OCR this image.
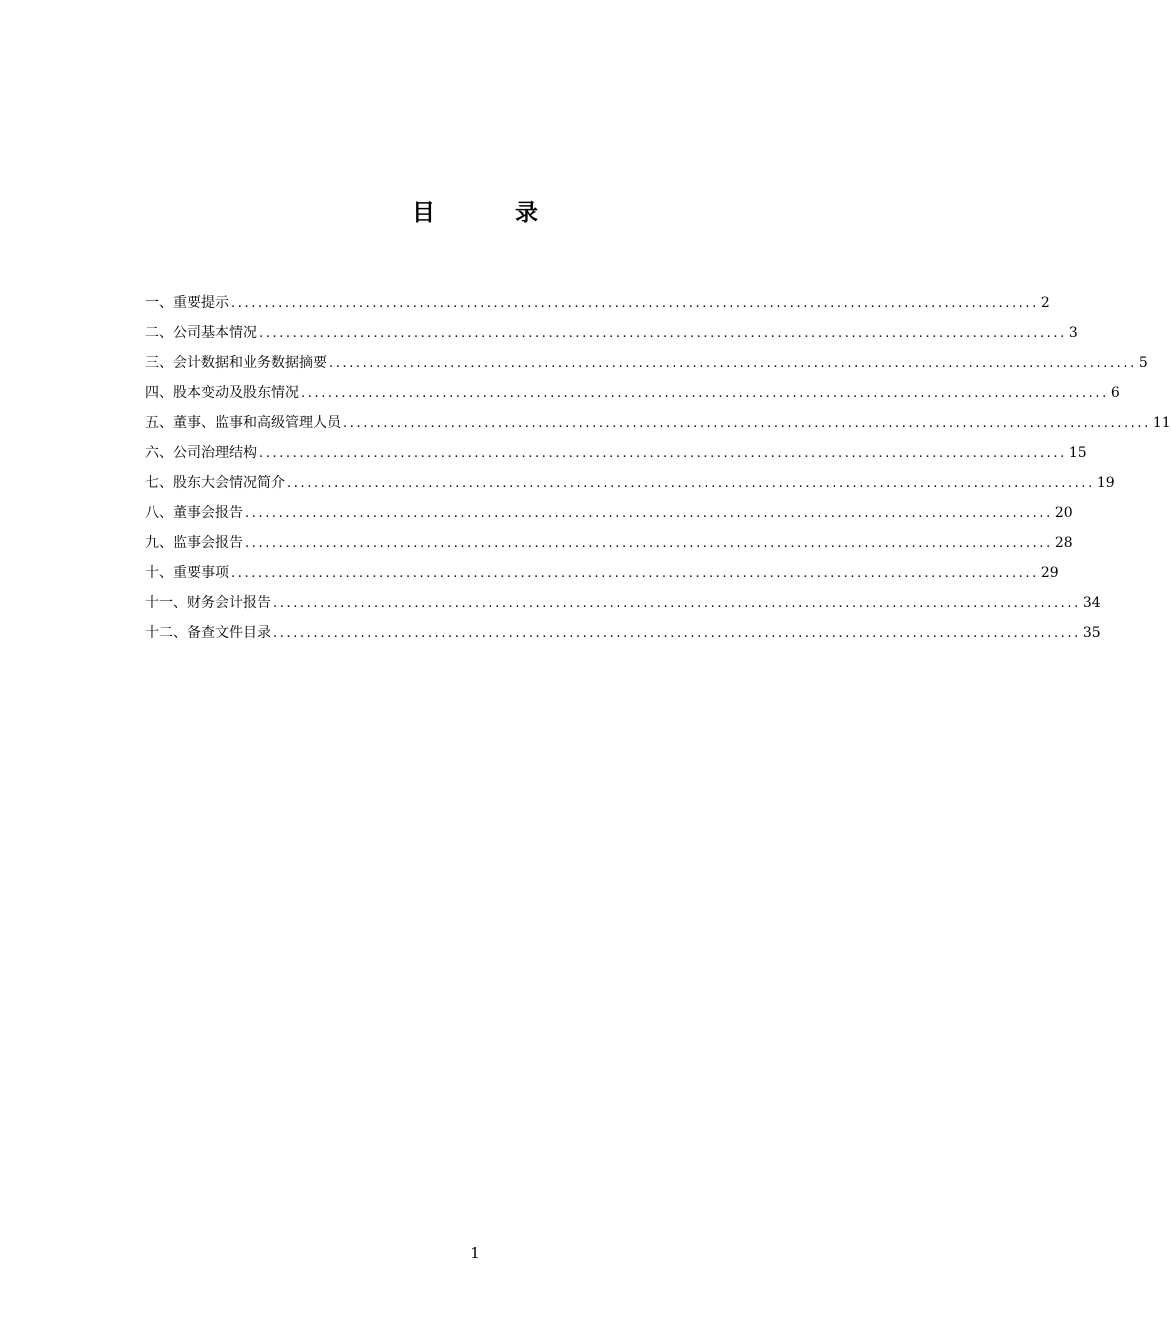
目 录
一、重要提示 ........................................................................................................................ 2
二、公司基本情况 ........................................................................................................................ 3
三、会计数据和业务数据摘要 ........................................................................................................................ 5
四、股本变动及股东情况 ........................................................................................................................ 6
五、董事、监事和高级管理人员 ........................................................................................................................ 11
六、公司治理结构 ........................................................................................................................ 15
七、股东大会情况简介 ........................................................................................................................ 19
八、董事会报告 ........................................................................................................................ 20
九、监事会报告 ........................................................................................................................ 28
十、重要事项 ........................................................................................................................ 29
十一、财务会计报告 ........................................................................................................................ 34
十二、备查文件目录 ........................................................................................................................ 35
1
